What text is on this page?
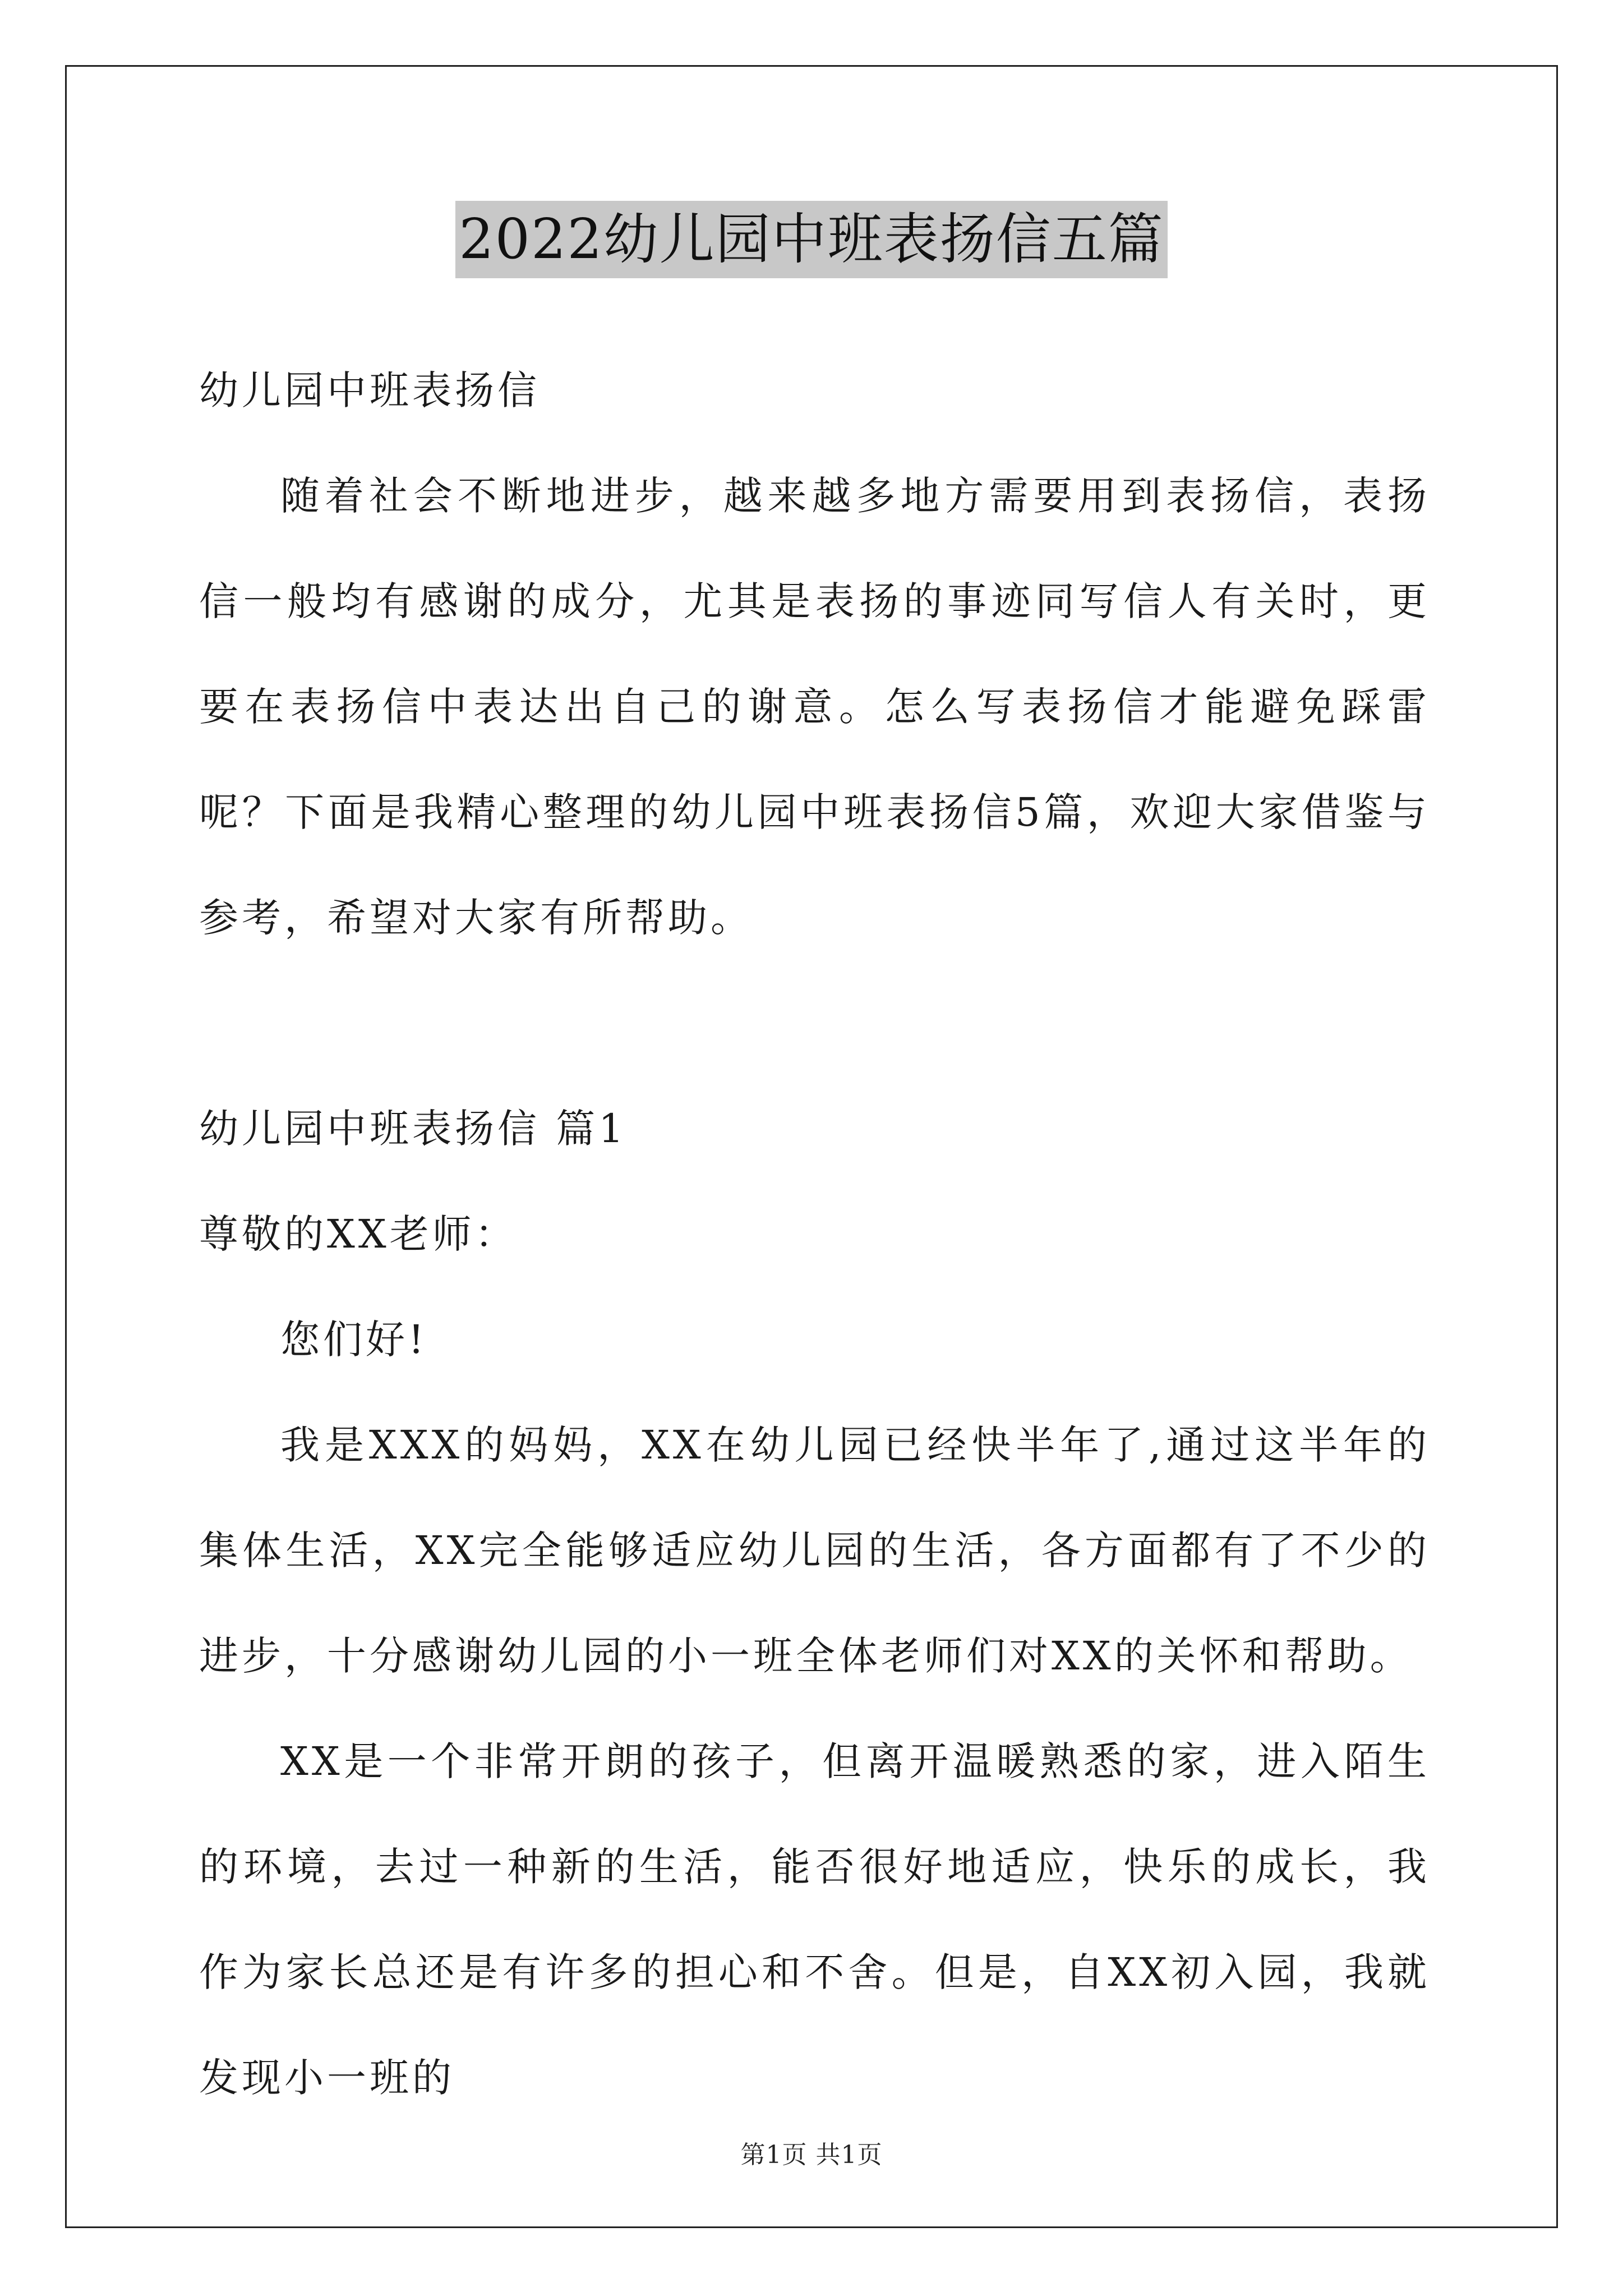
2022幼儿园中班表扬信五篇

幼儿园中班表扬信

随着社会不断地进步，越来越多地方需要用到表扬信，表扬信一般均有感谢的成分，尤其是表扬的事迹同写信人有关时，更要在表扬信中表达出自己的谢意。怎么写表扬信才能避免踩雷呢？下面是我精心整理的幼儿园中班表扬信5篇，欢迎大家借鉴与参考，希望对大家有所帮助。

幼儿园中班表扬信 篇1

尊敬的XX老师：

您们好!

我是XXX的妈妈，XX在幼儿园已经快半年了,通过这半年的集体生活，XX完全能够适应幼儿园的生活，各方面都有了不少的进步，十分感谢幼儿园的小一班全体老师们对XX的关怀和帮助。

XX是一个非常开朗的孩子，但离开温暖熟悉的家，进入陌生的环境，去过一种新的生活，能否很好地适应，快乐的成长，我作为家长总还是有许多的担心和不舍。但是，自XX初入园，我就发现小一班的

第1页 共1页
